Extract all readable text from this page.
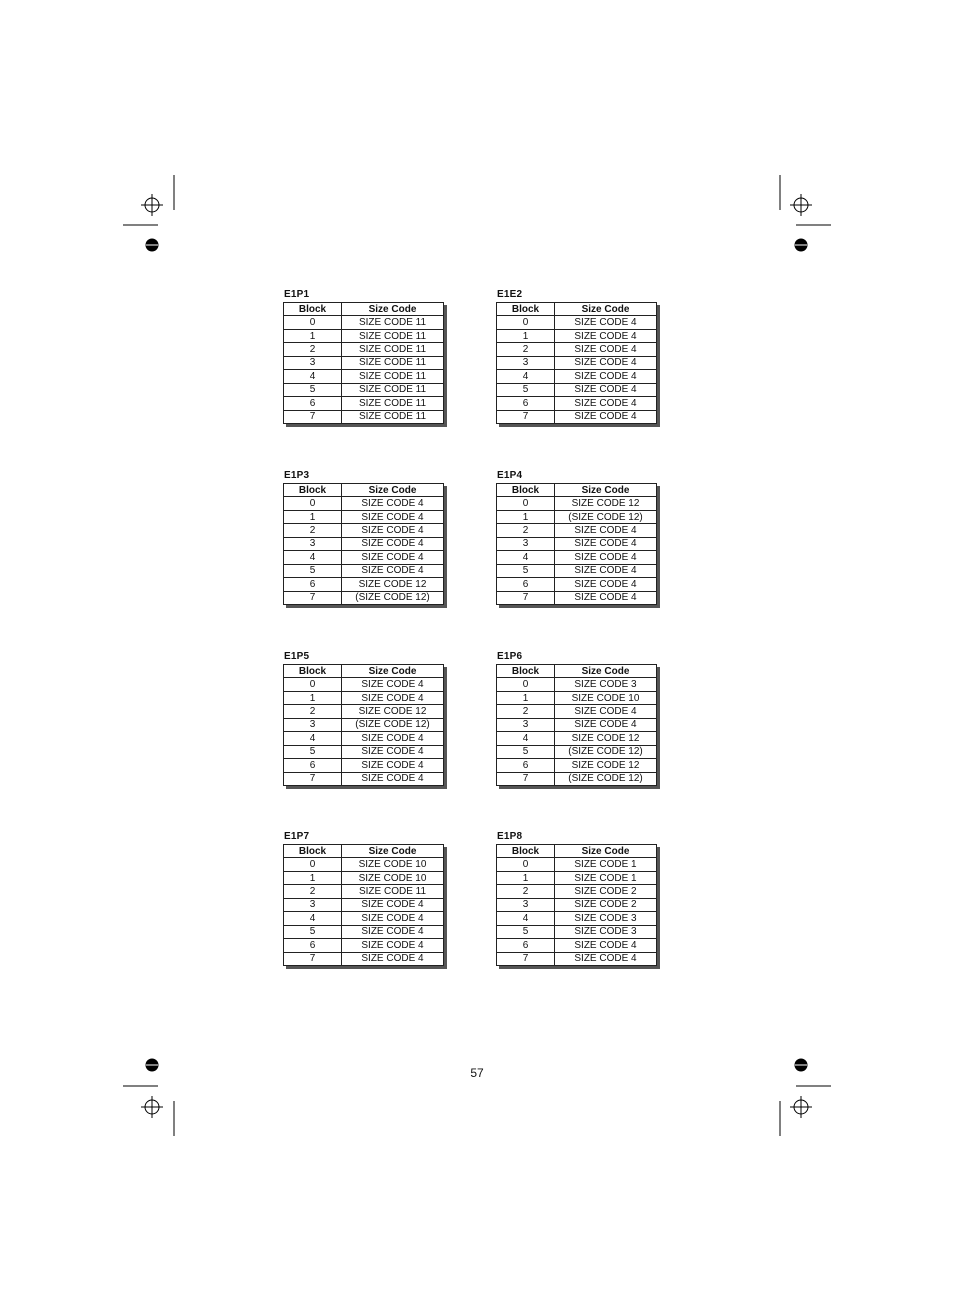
E1P1
Block	Size Code
0	SIZE CODE 11
1	SIZE CODE 11
2	SIZE CODE 11
3	SIZE CODE 11
4	SIZE CODE 11
5	SIZE CODE 11
6	SIZE CODE 11
7	SIZE CODE 11
E1E2
Block	Size Code
0	SIZE CODE 4
1	SIZE CODE 4
2	SIZE CODE 4
3	SIZE CODE 4
4	SIZE CODE 4
5	SIZE CODE 4
6	SIZE CODE 4
7	SIZE CODE 4
E1P3
Block	Size Code
0	SIZE CODE 4
1	SIZE CODE 4
2	SIZE CODE 4
3	SIZE CODE 4
4	SIZE CODE 4
5	SIZE CODE 4
6	SIZE CODE 12
7	(SIZE CODE 12)
E1P4
Block	Size Code
0	SIZE CODE 12
1	(SIZE CODE 12)
2	SIZE CODE 4
3	SIZE CODE 4
4	SIZE CODE 4
5	SIZE CODE 4
6	SIZE CODE 4
7	SIZE CODE 4
E1P5
Block	Size Code
0	SIZE CODE 4
1	SIZE CODE 4
2	SIZE CODE 12
3	(SIZE CODE 12)
4	SIZE CODE 4
5	SIZE CODE 4
6	SIZE CODE 4
7	SIZE CODE 4
E1P6
Block	Size Code
0	SIZE CODE 3
1	SIZE CODE 10
2	SIZE CODE 4
3	SIZE CODE 4
4	SIZE CODE 12
5	(SIZE CODE 12)
6	SIZE CODE 12
7	(SIZE CODE 12)
E1P7
Block	Size Code
0	SIZE CODE 10
1	SIZE CODE 10
2	SIZE CODE 11
3	SIZE CODE 4
4	SIZE CODE 4
5	SIZE CODE 4
6	SIZE CODE 4
7	SIZE CODE 4
E1P8
Block	Size Code
0	SIZE CODE 1
1	SIZE CODE 1
2	SIZE CODE 2
3	SIZE CODE 2
4	SIZE CODE 3
5	SIZE CODE 3
6	SIZE CODE 4
7	SIZE CODE 4
57
